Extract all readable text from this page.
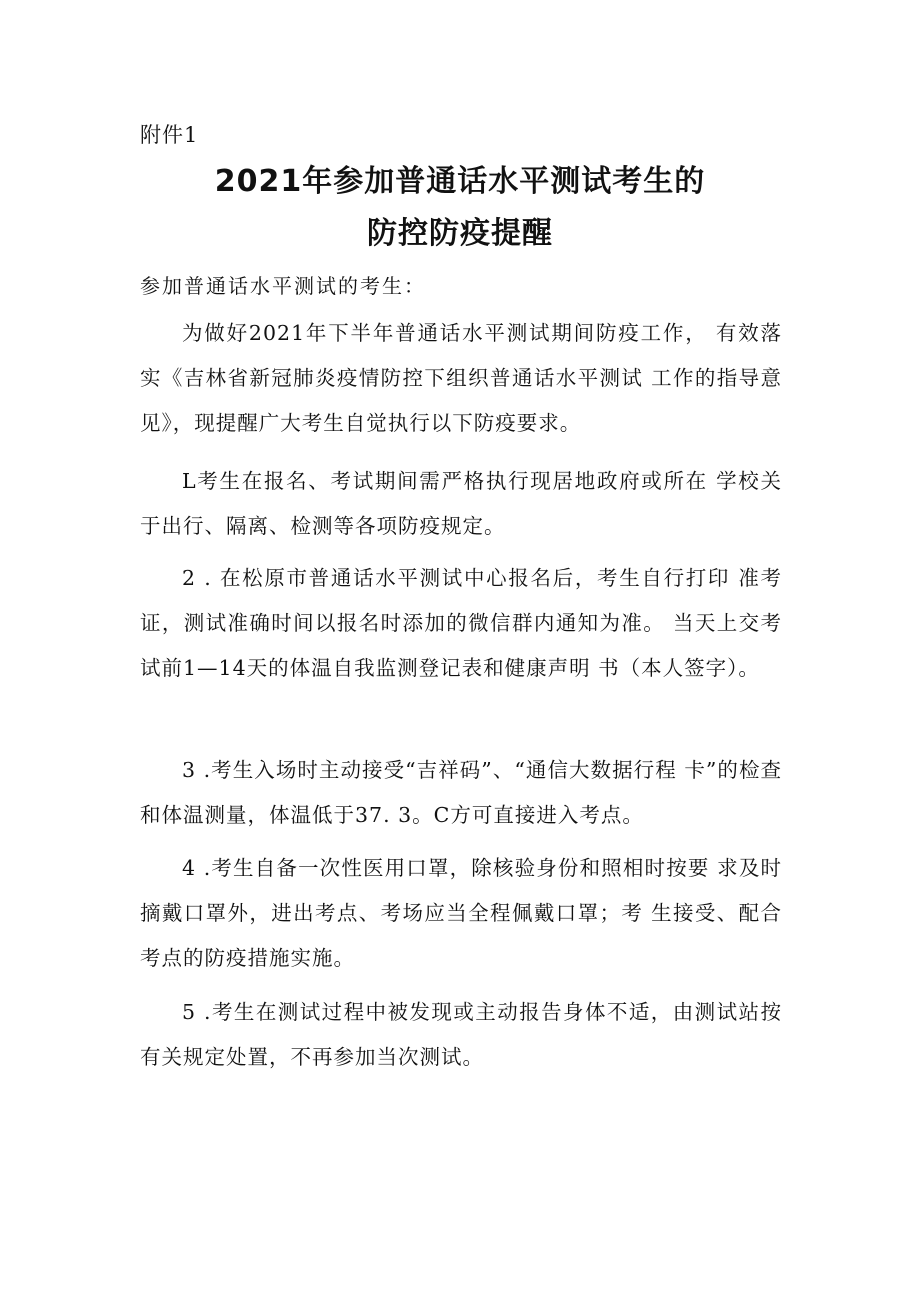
附件1
2021年参加普通话水平测试考生的
防控防疫提醒
参加普通话水平测试的考生：

为做好2021年下半年普通话水平测试期间防疫工作， 有效落实《吉林省新冠肺炎疫情防控下组织普通话水平测试 工作的指导意见》，现提醒广大考生自觉执行以下防疫要求。

L考生在报名、考试期间需严格执行现居地政府或所在 学校关于出行、隔离、检测等各项防疫规定。

2 . 在松原市普通话水平测试中心报名后，考生自行打印 准考证，测试准确时间以报名时添加的微信群内通知为准。 当天上交考试前1—14天的体温自我监测登记表和健康声明 书（本人签字）。

3 .考生入场时主动接受“吉祥码”、“通信大数据行程 卡”的检查和体温测量，体温低于37. 3。C方可直接进入考点。

4 .考生自备一次性医用口罩，除核验身份和照相时按要 求及时摘戴口罩外，进出考点、考场应当全程佩戴口罩；考 生接受、配合考点的防疫措施实施。

5 .考生在测试过程中被发现或主动报告身体不适，由测试站按有关规定处置，不再参加当次测试。
